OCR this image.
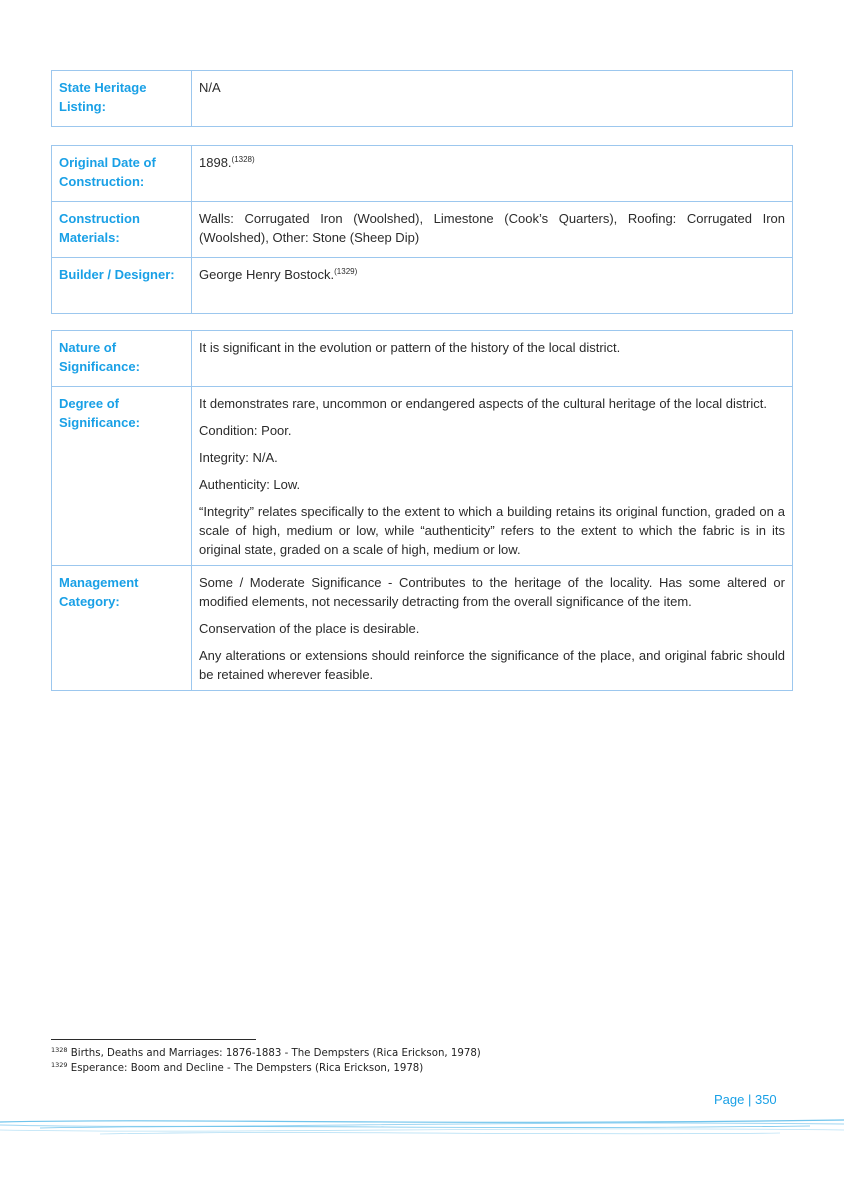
State Heritage Listing:	N/A
Original Date of Construction:	1898.$^{(1328)}$
Construction Materials:	Walls: Corrugated Iron (Woolshed), Limestone (Cook’s Quarters), Roofing: Corrugated Iron (Woolshed), Other: Stone (Sheep Dip)
Builder / Designer:	George Henry Bostock.$^{(1329)}$
Nature of Significance:	It is significant in the evolution or pattern of the history of the local district.

Degree of Significance:	It demonstrates rare, uncommon or endangered aspects of the cultural heritage of the local district.

Condition: Poor.

Integrity: N/A.

Authenticity: Low.

“Integrity” relates specifically to the extent to which a building retains its original function, graded on a scale of high, medium or low, while “authenticity” refers to the extent to which the fabric is in its original state, graded on a scale of high, medium or low.

Management Category:	Some / Moderate Significance - Contributes to the heritage of the locality. Has some altered or modified elements, not necessarily detracting from the overall significance of the item.

Conservation of the place is desirable.

Any alterations or extensions should reinforce the significance of the place, and original fabric should be retained wherever feasible.

$^{1328}$ Births, Deaths and Marriages: 1876-1883 - The Dempsters (Rica Erickson, 1978)
$^{1329}$ Esperance: Boom and Decline - The Dempsters (Rica Erickson, 1978)
Page | 350
